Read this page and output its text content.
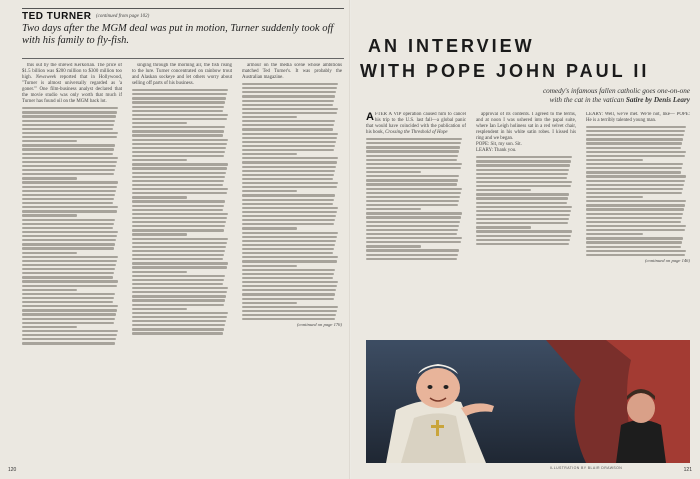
TED TURNER (continued from page 102)
Two days after the MGM deal was put in motion, Turner suddenly took off with his family to fly-fish.

this out by the shrewd Kerkorian. The price of $1.5 billion was $200 million to $300 million too high. Newsweek reported that in Hollywood, "Turner is almost universally regarded as 'a goner.'" One film-business analyst declared that the movie studio was only worth that much if Turner has found oil on the MGM back lot.

singing through the morning air, the fish rising to the lure. Turner concentrated on rainbow trout and Alaskan sockeye and let others worry about selling off parts of his business.

armour on the media scene whose ambitions matched Ted Turner's. It was probably the Australian magazine.

(continued on page 176)
120
AN INTERVIEW
WITH POPE JOHN PAUL II
comedy's infamous fallen catholic goes one-on-one
with the cat in the vatican Satire by Denis Leary

AFTER A VIP operation caused him to cancel his trip to the U.S. last fall—a global panic that would have coincided with the publication of his book, Crossing the Threshold of Hope

approval of its contents. I agreed to the terms, and at noon I was ushered into the papal suite, where Ian Leigh holiness sat in a red velvet chair, resplendent in his white satin robes. I kissed his ring and we began.

POPE: Sit, my son. Sit.

LEARY: Thank you.

LEARY: Well, we've met. We're not, like— POPE: He is a terribly talented young man.

(continued on page 146)
ILLUSTRATION BY BLAIR DRAWSON	121
